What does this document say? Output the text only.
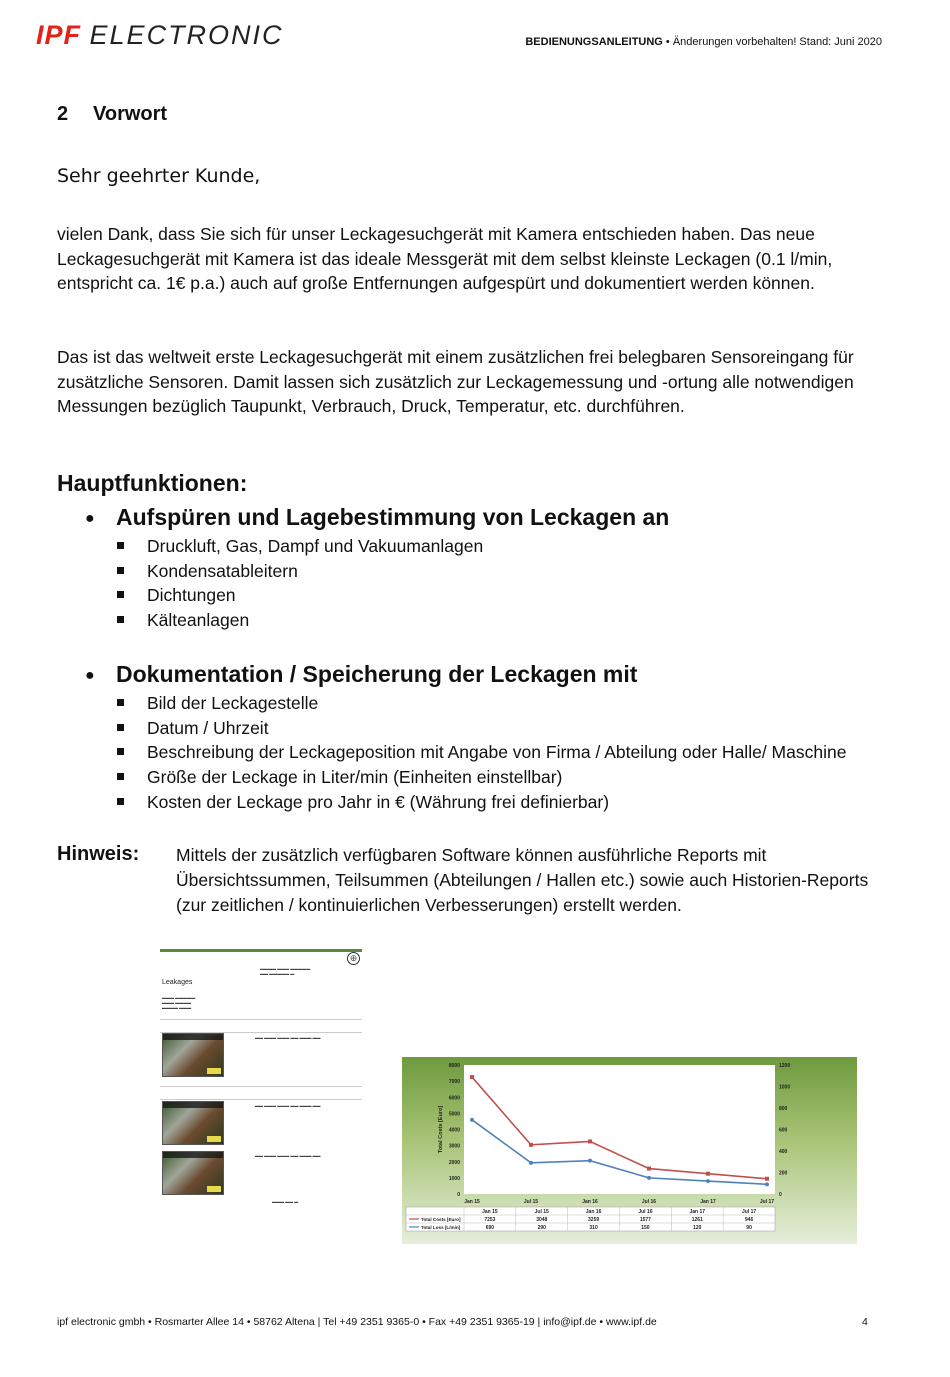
IPF ELECTRONIC	BEDIENUNGSANLEITUNG • Änderungen vorbehalten! Stand: Juni 2020
2 Vorwort
Sehr geehrter Kunde,
vielen Dank, dass Sie sich für unser Leckagesuchgerät mit Kamera entschieden haben. Das neue Leckagesuchgerät mit Kamera ist das ideale Messgerät mit dem selbst kleinste Leckagen (0.1 l/min, entspricht ca. 1€ p.a.) auch auf große Entfernungen aufgespürt und dokumentiert werden können.
Das ist das weltweit erste Leckagesuchgerät mit einem zusätzlichen frei belegbaren Sensoreingang für zusätzliche Sensoren. Damit lassen sich zusätzlich zur Leckagemessung und -ortung alle notwendigen Messungen bezüglich Taupunkt, Verbrauch, Druck, Temperatur, etc. durchführen.
Hauptfunktionen:
● Aufspüren und Lagebestimmung von Leckagen an
Druckluft, Gas, Dampf und Vakuumanlagen
Kondensatableitern
Dichtungen
Kälteanlagen
● Dokumentation / Speicherung der Leckagen mit
Bild der Leckagestelle
Datum / Uhrzeit
Beschreibung der Leckageposition mit Angabe von Firma / Abteilung oder Halle/ Maschine
Größe der Leckage in Liter/min (Einheiten einstellbar)
Kosten der Leckage pro Jahr in € (Währung frei definierbar)
Hinweis: Mittels der zusätzlich verfügbaren Software können ausführliche Reports mit Übersichtssummen, Teilsummen (Abteilungen / Hallen etc.) sowie auch Historien-Reports (zur zeitlichen / kontinuierlichen Verbesserungen) erstellt werden.
⊕
Leakages
▬▬▬▬ ▬▬▬ ▬▬▬▬▬
▬▬ ▬▬▬▬▬ ▬
▬▬▬ ▬▬▬▬▬
▬▬▬ ▬▬▬▬
▬▬▬▬ ▬▬▬
▬▬ ▬▬▬ ▬▬▬ ▬▬ ▬▬▬ ▬▬
▬▬ ▬▬▬ ▬▬▬ ▬▬ ▬▬▬ ▬▬
▬▬ ▬▬▬ ▬▬▬ ▬▬ ▬▬▬ ▬▬
▬▬▬ ▬▬ ▬
0
1000
2000
3000
4000
5000
6000
7000
8000
0
200
400
600
800
1000
1200
Total Costs [Euro]
Jan 15	Jul 15	Jan 16	Jul 16	Jan 17	Jul 17
Jan 15	Jul 15	Jan 16	Jul 16	Jan 17	Jul 17
Total Costs [Euro]	7253	3048	3259	1577	1261	946
Total Loss [L/min]	690	290	310	150	120	90
ipf electronic gmbh • Rosmarter Allee 14 • 58762 Altena | Tel +49 2351 9365-0 • Fax +49 2351 9365-19 | info@ipf.de • www.ipf.de	4
